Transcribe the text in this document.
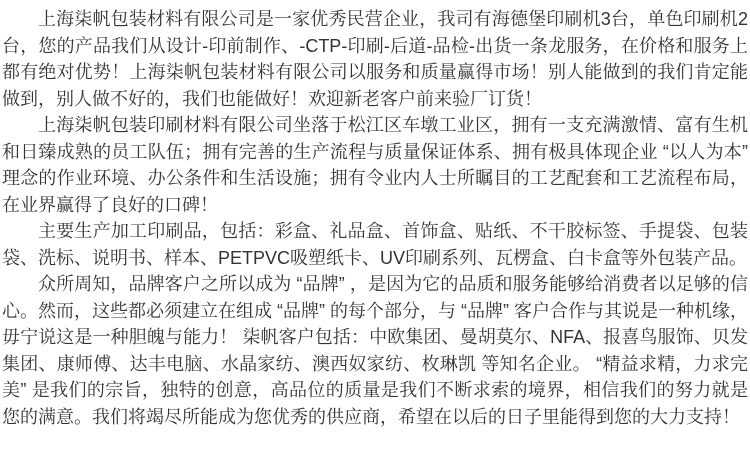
上海柒帆包装材料有限公司是一家优秀民营企业，我司有海德堡印刷机3台，单色印刷机2台，您的产品我们从设计-印前制作、-CTP-印刷-后道-品检-出货一条龙服务，在价格和服务上都有绝对优势！上海柒帆包装材料有限公司以服务和质量赢得市场！别人能做到的我们肯定能做到，别人做不好的，我们也能做好！欢迎新老客户前来验厂订货！

上海柒帆包装印刷材料有限公司坐落于松江区车墩工业区，拥有一支充满激情、富有生机和日臻成熟的员工队伍；拥有完善的生产流程与质量保证体系、拥有极具体现企业 “以人为本” 理念的作业环境、办公条件和生活设施；拥有令业内人士所瞩目的工艺配套和工艺流程布局，在业界赢得了良好的口碑！

主要生产加工印刷品，包括：彩盒、礼品盒、首饰盒、贴纸、不干胶标签、手提袋、包装袋、洗标、说明书、样本、PETPVC吸塑纸卡、UV印刷系列、瓦楞盒、白卡盒等外包装产品。

众所周知，品牌客户之所以成为 “品牌” ，是因为它的品质和服务能够给消费者以足够的信心。然而，这些都必须建立在组成 “品牌” 的每个部分，与 “品牌” 客户合作与其说是一种机缘，毋宁说这是一种胆魄与能力！ 柒帆客户包括：中欧集团、曼胡莫尔、NFA、报喜鸟服饰、贝发集团、康师傅、达丰电脑、水晶家纺、澳西奴家纺、枚琳凯 等知名企业。 “精益求精，力求完美” 是我们的宗旨，独特的创意，高品位的质量是我们不断求索的境界，相信我们的努力就是您的满意。我们将竭尽所能成为您优秀的供应商，希望在以后的日子里能得到您的大力支持！
